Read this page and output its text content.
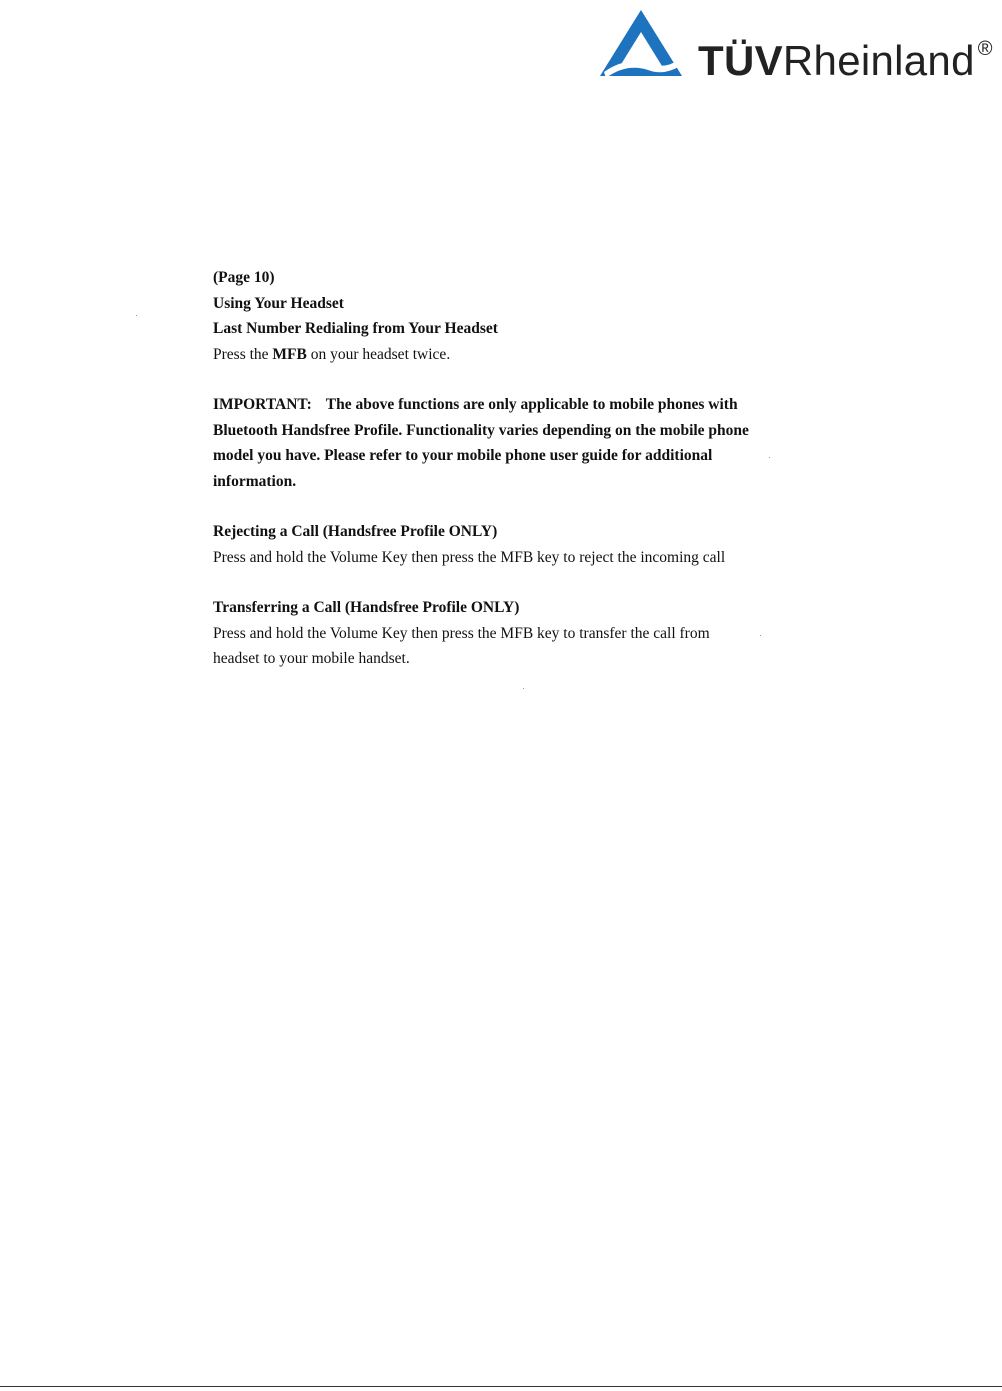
TÜVRheinland ®

(Page 10)

Using Your Headset

Last Number Redialing from Your Headset

Press the MFB on your headset twice.

IMPORTANT: The above functions are only applicable to mobile phones with

Bluetooth Handsfree Profile. Functionality varies depending on the mobile phone

model you have. Please refer to your mobile phone user guide for additional

information.

Rejecting a Call (Handsfree Profile ONLY)

Press and hold the Volume Key then press the MFB key to reject the incoming call

Transferring a Call (Handsfree Profile ONLY)

Press and hold the Volume Key then press the MFB key to transfer the call from

headset to your mobile handset.
